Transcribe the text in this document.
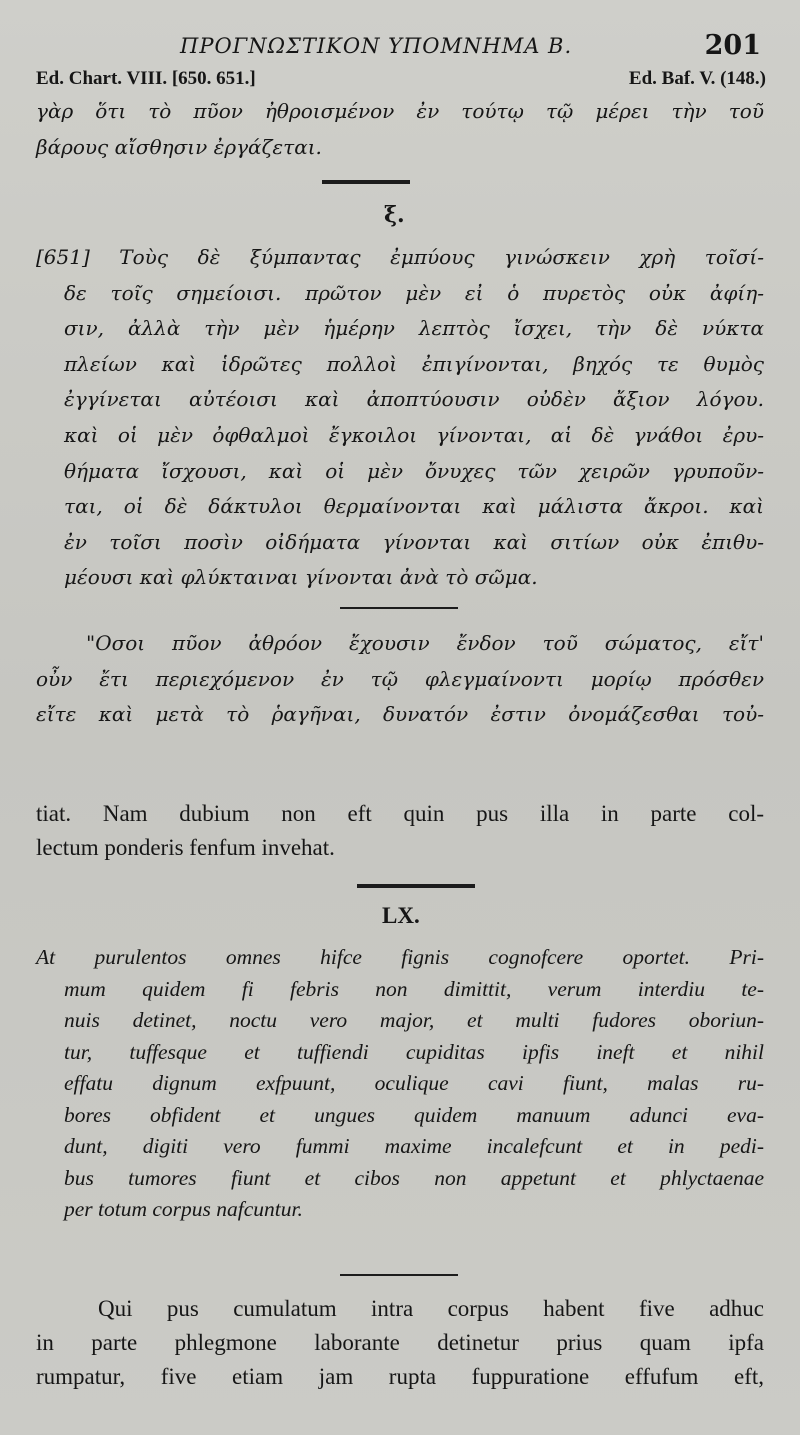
ΠΡΟΓΝΩΣΤΙΚΟΝ ΥΠΟΜΝΗΜΑ Β.	201
Ed. Chart. VIII. [650. 651.]	Ed. Baf. V. (148.)
γὰρ ὅτι τὸ πῦον ἠθροισμένον ἐν τούτῳ τῷ μέρει τὴν τοῦ
βάρους αἴσθησιν ἐργάζεται.
ξ.
[651] Τοὺς δὲ ξύμπαντας ἐμπύους γινώσκειν χρὴ τοῖσί-
δε τοῖς σημείοισι. πρῶτον μὲν εἰ ὁ πυρετὸς οὐκ ἀφίη-
σιν, ἀλλὰ τὴν μὲν ἡμέρην λεπτὸς ἴσχει, τὴν δὲ νύκτα
πλείων καὶ ἱδρῶτες πολλοὶ ἐπιγίνονται, βηχός τε θυμὸς
ἐγγίνεται αὐτέοισι καὶ ἀποπτύουσιν οὐδὲν ἄξιον λόγου.
καὶ οἱ μὲν ὀφθαλμοὶ ἔγκοιλοι γίνονται, αἱ δὲ γνάθοι ἐρυ-
θήματα ἴσχουσι, καὶ οἱ μὲν ὄνυχες τῶν χειρῶν γρυποῦν-
ται, οἱ δὲ δάκτυλοι θερμαίνονται καὶ μάλιστα ἄκροι. καὶ
ἐν τοῖσι ποσὶν οἰδήματα γίνονται καὶ σιτίων οὐκ ἐπιθυ-
μέουσι καὶ φλύκταιναι γίνονται ἀνὰ τὸ σῶμα.
"Οσοι πῦον ἀθρόον ἔχουσιν ἔνδον τοῦ σώματος, εἴτ'
οὖν ἔτι περιεχόμενον ἐν τῷ φλεγμαίνοντι μορίῳ πρόσθεν
εἴτε καὶ μετὰ τὸ ῥαγῆναι, δυνατόν ἐστιν ὀνομάζεσθαι τοὐ-
tiat. Nam dubium non eft quin pus illa in parte col-
lectum ponderis fenfum invehat.
LX.
At purulentos omnes hifce fignis cognofcere oportet. Pri-
mum quidem fi febris non dimittit, verum interdiu te-
nuis detinet, noctu vero major, et multi fudores oboriun-
tur, tuffesque et tuffiendi cupiditas ipfis ineft et nihil
effatu dignum exfpuunt, oculique cavi fiunt, malas ru-
bores obfident et ungues quidem manuum adunci eva-
dunt, digiti vero fummi maxime incalefcunt et in pedi-
bus tumores fiunt et cibos non appetunt et phlyctaenae
per totum corpus nafcuntur.
Qui pus cumulatum intra corpus habent five adhuc
in parte phlegmone laborante detinetur prius quam ipfa
rumpatur, five etiam jam rupta fuppuratione effufum eft,
